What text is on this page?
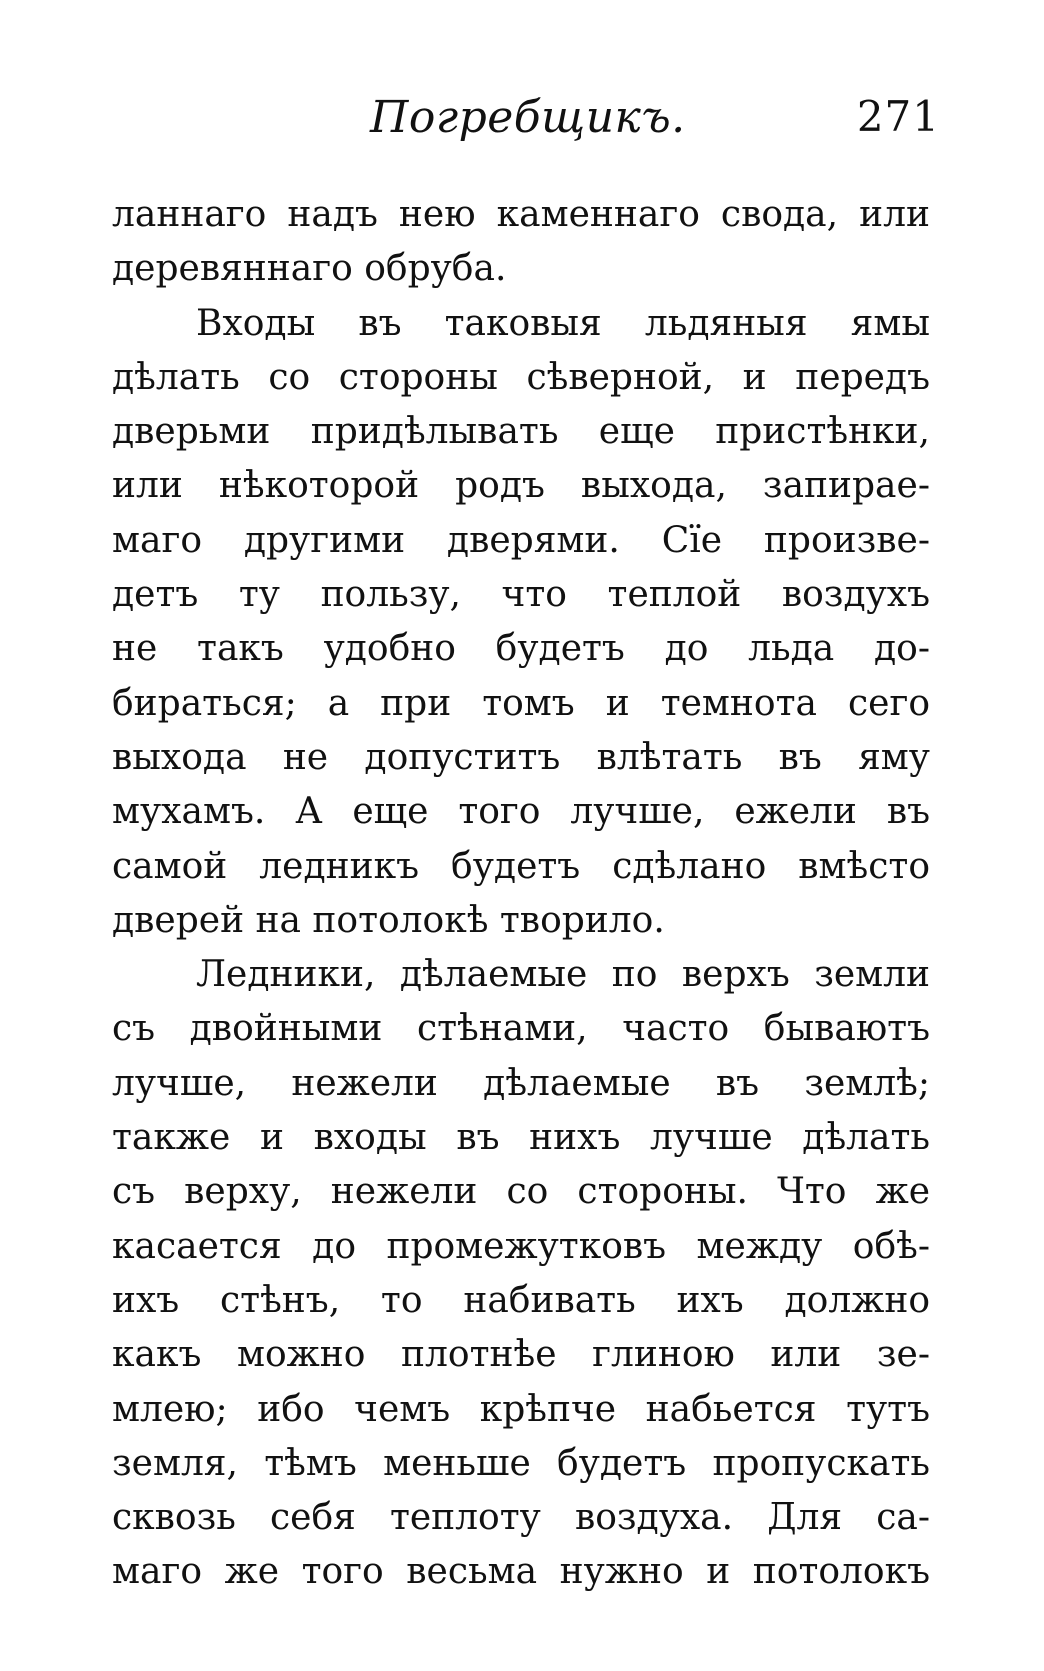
Погребщикъ.	271
ланнаго надъ нею каменнаго свода, или
деревяннаго обруба.
Входы въ таковыя льдяныя ямы
дѣлать со стороны сѣверной, и передъ
дверьми придѣлывать еще пристѣнки,
или нѣкоторой родъ выхода, запирае-
маго другими дверями. Сїе произве-
детъ ту пользу, что теплой воздухъ
не такъ удобно будетъ до льда до-
бираться; а при томъ и темнота сего
выхода не допуститъ влѣтать въ яму
мухамъ. А еще того лучше, ежели въ
самой ледникъ будетъ сдѣлано вмѣсто
дверей на потолокѣ творило.
Ледники, дѣлаемые по верхъ земли
съ двойными стѣнами, часто бываютъ
лучше, нежели дѣлаемые въ землѣ;
также и входы въ нихъ лучше дѣлать
съ верху, нежели со стороны. Что же
касается до промежутковъ между обѣ-
ихъ стѣнъ, то набивать ихъ должно
какъ можно плотнѣе глиною или зе-
млею; ибо чемъ крѣпче набьется тутъ
земля, тѣмъ меньше будетъ пропускать
сквозь себя теплоту воздуха. Для са-
маго же того весьма нужно и потолокъ
